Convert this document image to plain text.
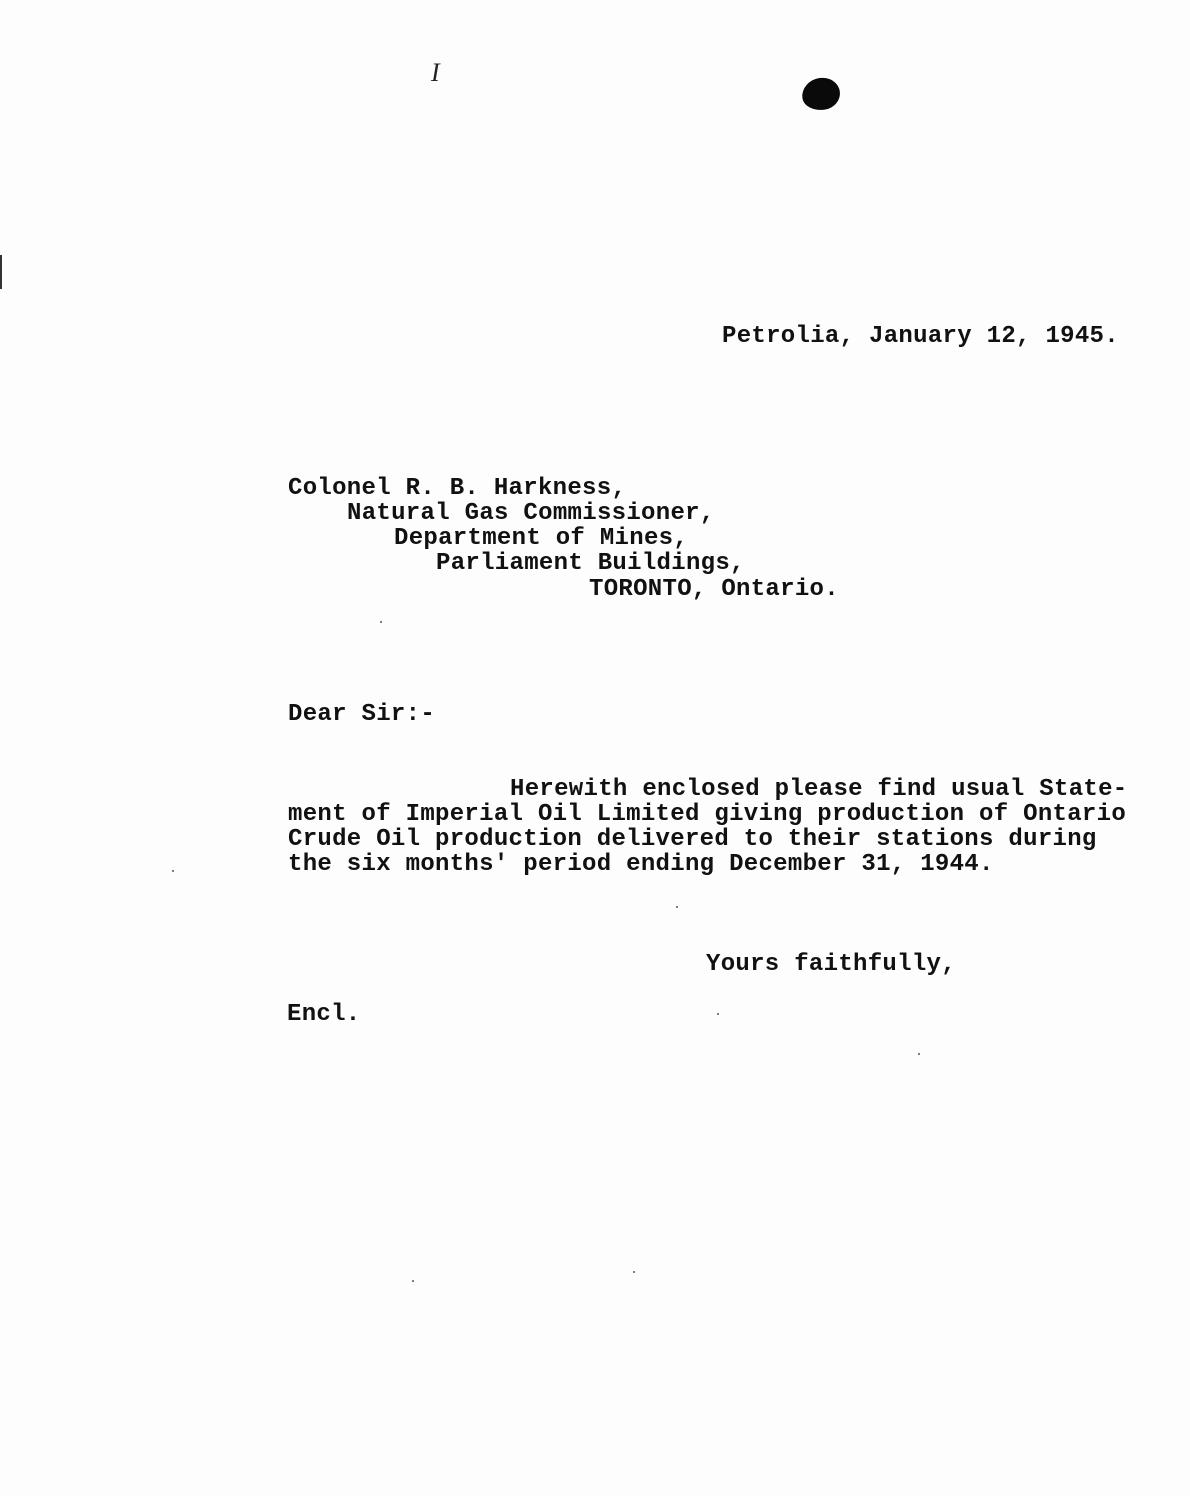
I
Petrolia, January 12, 1945.
Colonel R. B. Harkness,
Natural Gas Commissioner,
Department of Mines,
Parliament Buildings,
TORONTO, Ontario.
Dear Sir:-
Herewith enclosed please find usual State-
ment of Imperial Oil Limited giving production of Ontario
Crude Oil production delivered to their stations during
the six months' period ending December 31, 1944.
Yours faithfully,
Encl.
